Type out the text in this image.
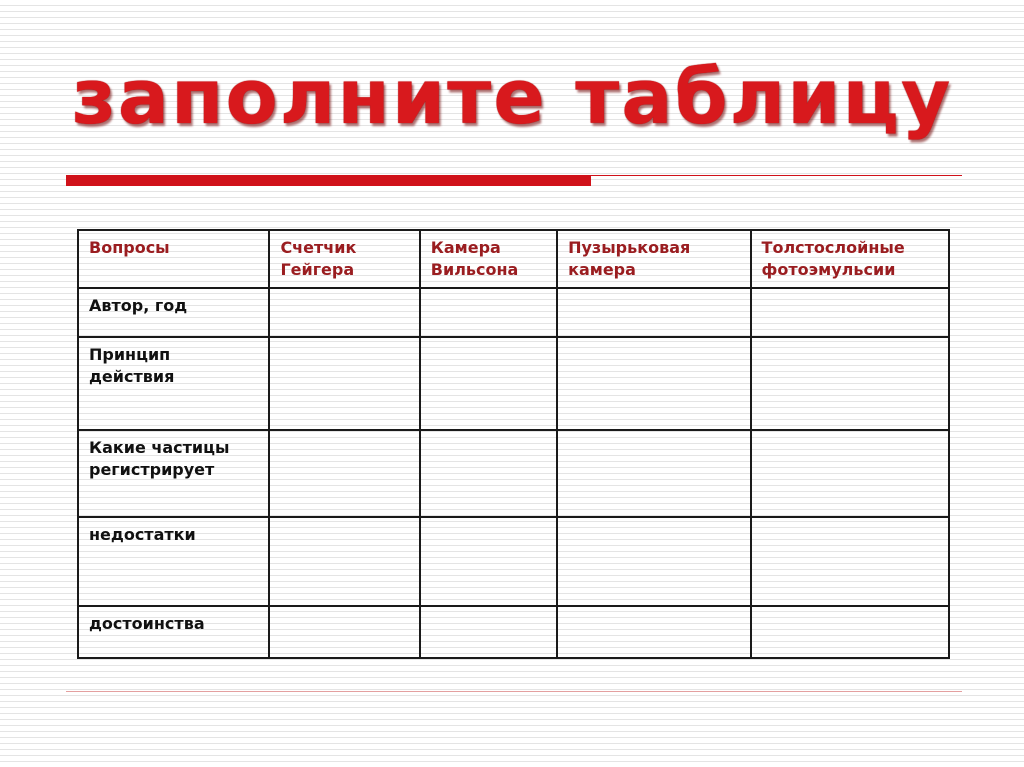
заполните таблицу
Вопросы	Счетчик Гейгера	Камера Вильсона	Пузырьковая камера	Толстослойные фотоэмульсии
Автор, год				
Принцип действия				
Какие частицы регистрирует				
недостатки				
достоинства				
